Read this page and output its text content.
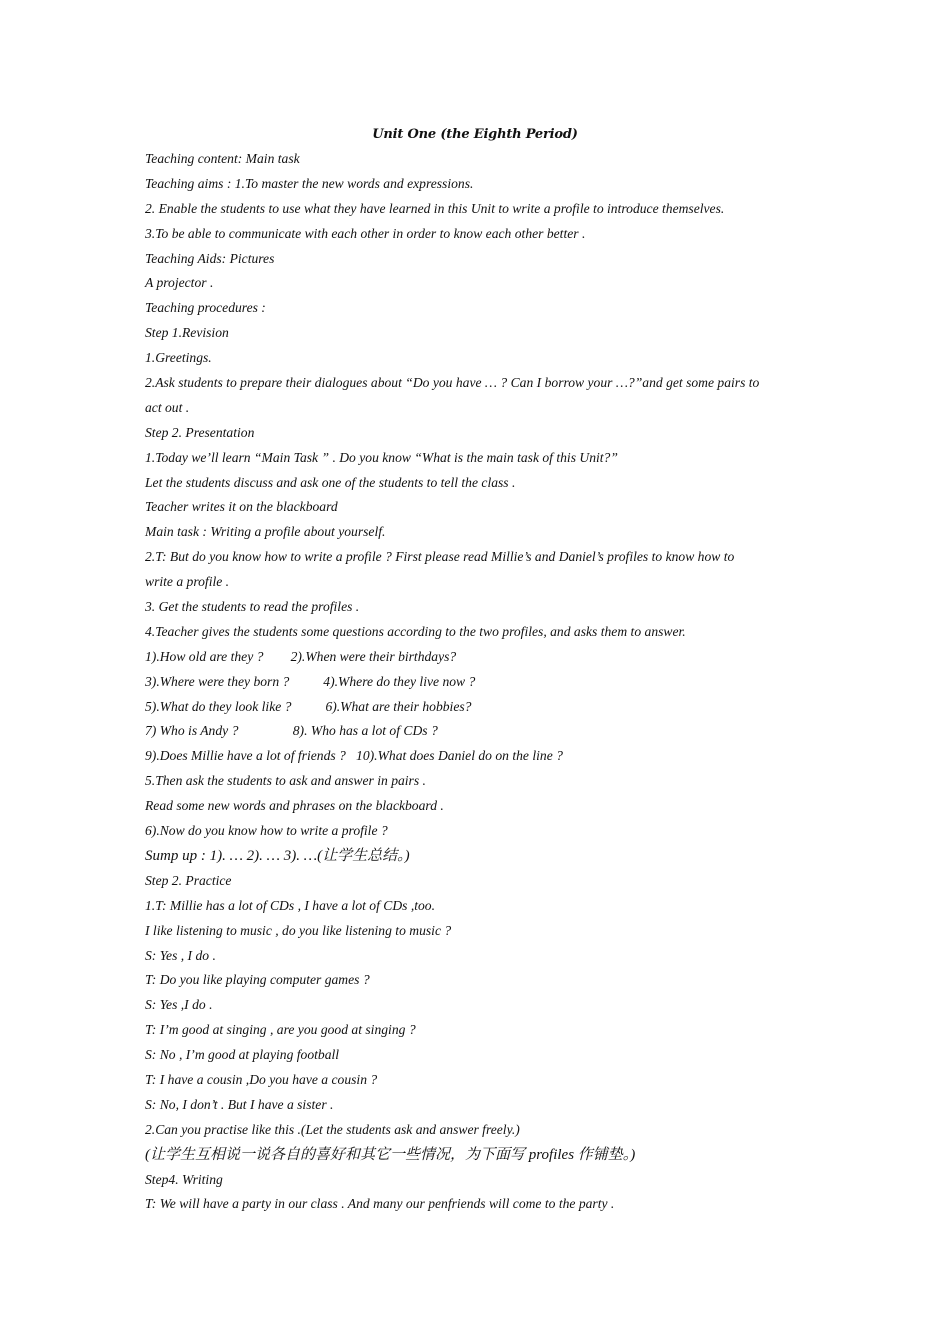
Unit One (the Eighth Period)
Teaching content: Main task
Teaching aims : 1.To master the new words and expressions.
2. Enable the students to use what they have learned in this Unit to write a profile to introduce themselves.
3.To be able to communicate with each other in order to know each other better .
Teaching Aids: Pictures
A projector .
Teaching procedures :
Step 1.Revision
1.Greetings.
2.Ask students to prepare their dialogues about “Do you have … ? Can I borrow your …?”and get some pairs to
act out .
Step 2. Presentation
1.Today we’ll learn “Main Task ” . Do you know “What is the main task of this Unit?”
Let the students discuss and ask one of the students to tell the class .
Teacher writes it on the blackboard
Main task : Writing a profile about yourself.
2.T: But do you know how to write a profile ? First please read Millie’s and Daniel’s profiles to know how to
write a profile .
3. Get the students to read the profiles .
4.Teacher gives the students some questions according to the two profiles, and asks them to answer.
1).How old are they ?        2).When were their birthdays?
3).Where were they born ?          4).Where do they live now ?
5).What do they look like ?          6).What are their hobbies?
7) Who is Andy ?                8). Who has a lot of CDs ?
9).Does Millie have a lot of friends ?   10).What does Daniel do on the line ?
5.Then ask the students to ask and answer in pairs .
Read some new words and phrases on the blackboard .
6).Now do you know how to write a profile ?
Sump up : 1). … 2). … 3). …(让学生总结。)
Step 2. Practice
1.T: Millie has a lot of CDs , I have a lot of CDs ,too.
I like listening to music , do you like listening to music ?
S: Yes , I do .
T: Do you like playing computer games ?
S: Yes ,I do .
T: I’m good at singing , are you good at singing ?
S: No , I’m good at playing football
T: I have a cousin ,Do you have a cousin ?
S: No, I don’t . But I have a sister .
2.Can you practise like this .(Let the students ask and answer freely.)
(让学生互相说一说各自的喜好和其它一些情况，为下面写 profiles 作铺垫。)
Step4. Writing
T: We will have a party in our class . And many our penfriends will come to the party .
